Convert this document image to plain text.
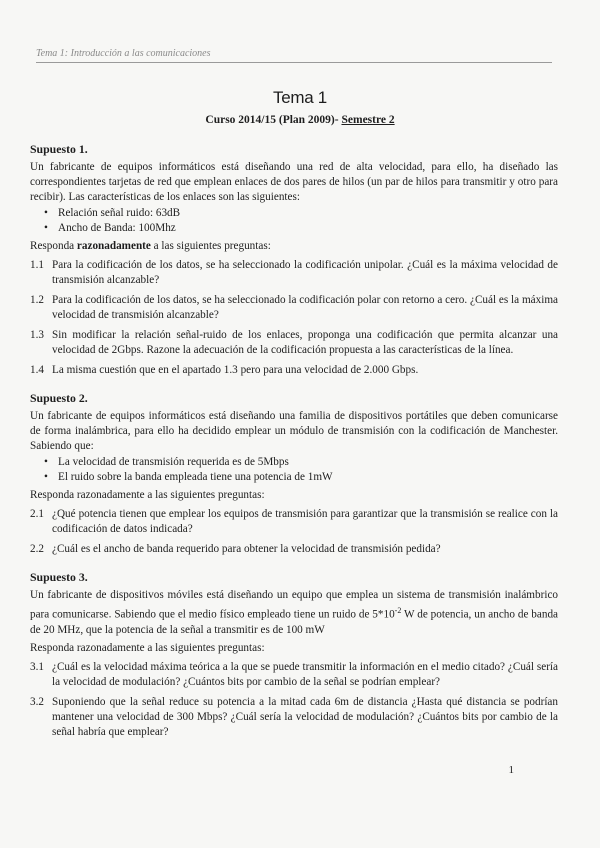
Tema 1: Introducción a las comunicaciones
Tema 1
Curso 2014/15 (Plan 2009)- Semestre 2
Supuesto 1.

Un fabricante de equipos informáticos está diseñando una red de alta velocidad, para ello, ha diseñado las correspondientes tarjetas de red que emplean enlaces de dos pares de hilos (un par de hilos para transmitir y otro para recibir). Las características de los enlaces son las siguientes:

• Relación señal ruido: 63dB
• Ancho de Banda: 100Mhz

Responda razonadamente a las siguientes preguntas:

1.1 Para la codificación de los datos, se ha seleccionado la codificación unipolar. ¿Cuál es la máxima velocidad de transmisión alcanzable?
1.2 Para la codificación de los datos, se ha seleccionado la codificación polar con retorno a cero. ¿Cuál es la máxima velocidad de transmisión alcanzable?
1.3 Sin modificar la relación señal-ruido de los enlaces, proponga una codificación que permita alcanzar una velocidad de 2Gbps. Razone la adecuación de la codificación propuesta a las características de la línea.
1.4 La misma cuestión que en el apartado 1.3 pero para una velocidad de 2.000 Gbps.
Supuesto 2.

Un fabricante de equipos informáticos está diseñando una familia de dispositivos portátiles que deben comunicarse de forma inalámbrica, para ello ha decidido emplear un módulo de transmisión con la codificación de Manchester. Sabiendo que:

• La velocidad de transmisión requerida es de 5Mbps
• El ruido sobre la banda empleada tiene una potencia de 1mW

Responda razonadamente a las siguientes preguntas:

2.1 ¿Qué potencia tienen que emplear los equipos de transmisión para garantizar que la transmisión se realice con la codificación de datos indicada?
2.2 ¿Cuál es el ancho de banda requerido para obtener la velocidad de transmisión pedida?
Supuesto 3.

Un fabricante de dispositivos móviles está diseñando un equipo que emplea un sistema de transmisión inalámbrico para comunicarse. Sabiendo que el medio físico empleado tiene un ruido de $5*10^{-2}$ W de potencia, un ancho de banda de 20 MHz, que la potencia de la señal a transmitir es de 100 mW

Responda razonadamente a las siguientes preguntas:

3.1 ¿Cuál es la velocidad máxima teórica a la que se puede transmitir la información en el medio citado? ¿Cuál sería la velocidad de modulación? ¿Cuántos bits por cambio de la señal se podrían emplear?
3.2 Suponiendo que la señal reduce su potencia a la mitad cada 6m de distancia ¿Hasta qué distancia se podrían mantener una velocidad de 300 Mbps? ¿Cuál sería la velocidad de modulación? ¿Cuántos bits por cambio de la señal habría que emplear?
1
